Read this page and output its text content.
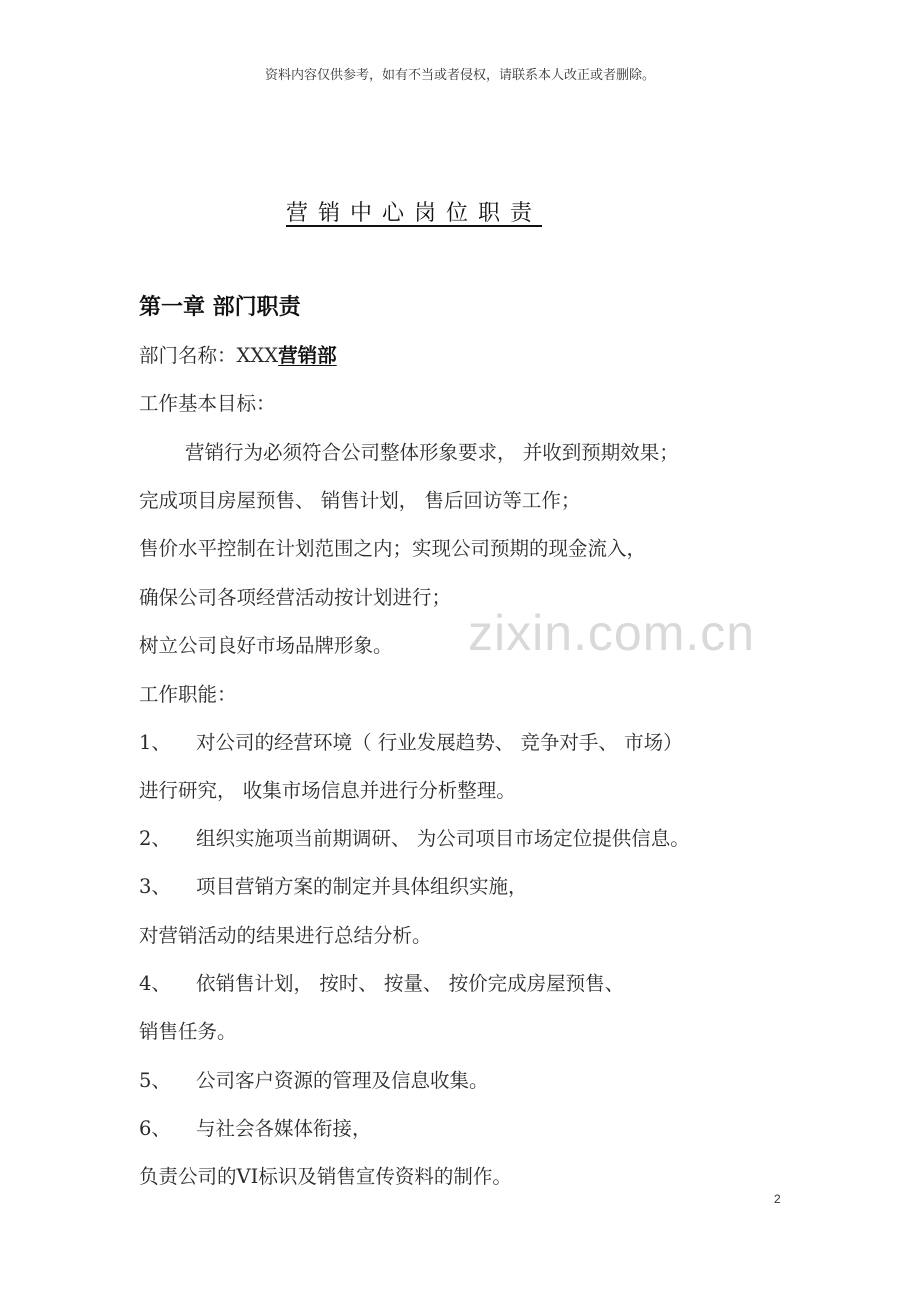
资料内容仅供参考，如有不当或者侵权，请联系本人改正或者删除。
营销中心岗位职责
第一章 部门职责
部门名称：XXX营销部
工作基本目标：
营销行为必须符合公司整体形象要求， 并收到预期效果；
完成项目房屋预售、 销售计划， 售后回访等工作；
售价水平控制在计划范围之内；实现公司预期的现金流入，
确保公司各项经营活动按计划进行；
树立公司良好市场品牌形象。 zixin.com.cn
工作职能：
1、 对公司的经营环境（ 行业发展趋势、 竞争对手、 市场）
进行研究， 收集市场信息并进行分析整理。
2、 组织实施项当前期调研、 为公司项目市场定位提供信息。
3、 项目营销方案的制定并具体组织实施，
对营销活动的结果进行总结分析。
4、 依销售计划， 按时、 按量、 按价完成房屋预售、
销售任务。
5、 公司客户资源的管理及信息收集。
6、 与社会各媒体衔接，
负责公司的VI标识及销售宣传资料的制作。
2
